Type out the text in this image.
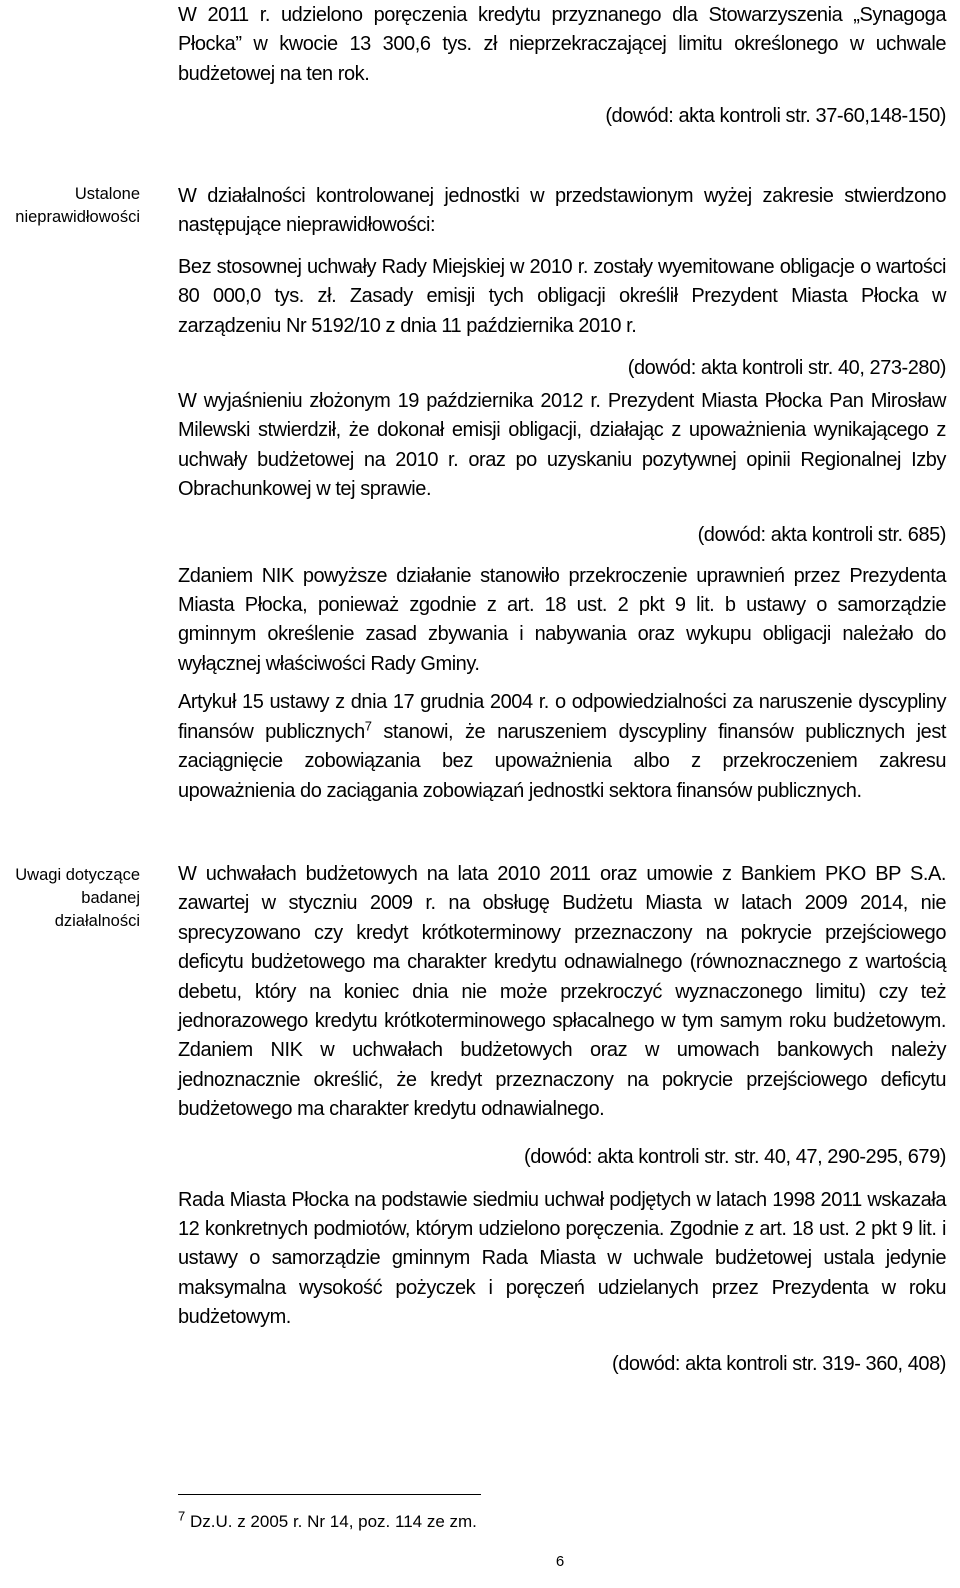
W 2011 r. udzielono poręczenia kredytu przyznanego dla Stowarzyszenia „Synagoga Płocka” w kwocie 13 300,6 tys. zł nieprzekraczającej limitu określonego w uchwale budżetowej na ten rok.

(dowód: akta kontroli str. 37-60,148-150)

Ustalone nieprawidłowości

W działalności kontrolowanej jednostki w przedstawionym wyżej zakresie stwierdzono następujące nieprawidłowości:

Bez stosownej uchwały Rady Miejskiej w 2010 r. zostały wyemitowane obligacje o wartości 80 000,0 tys. zł. Zasady emisji tych obligacji określił Prezydent Miasta Płocka w zarządzeniu Nr 5192/10 z dnia 11 października 2010 r.

(dowód: akta kontroli str. 40, 273-280)

W wyjaśnieniu złożonym 19 października 2012 r. Prezydent Miasta Płocka Pan Mirosław Milewski stwierdził, że dokonał emisji obligacji, działając z upoważnienia wynikającego z uchwały budżetowej na 2010 r. oraz po uzyskaniu pozytywnej opinii Regionalnej Izby Obrachunkowej w tej sprawie.

(dowód: akta kontroli str. 685)

Zdaniem NIK powyższe działanie stanowiło przekroczenie uprawnień przez Prezydenta Miasta Płocka, ponieważ zgodnie z art. 18 ust. 2 pkt 9 lit. b ustawy o samorządzie gminnym określenie zasad zbywania i nabywania oraz wykupu obligacji należało do wyłącznej właściwości Rady Gminy.

Artykuł 15 ustawy z dnia 17 grudnia 2004 r. o odpowiedzialności za naruszenie dyscypliny finansów publicznych$^7$ stanowi, że naruszeniem dyscypliny finansów publicznych jest zaciągnięcie zobowiązania bez upoważnienia albo z przekroczeniem zakresu upoważnienia do zaciągania zobowiązań jednostki sektora finansów publicznych.

Uwagi dotyczące badanej działalności

W uchwałach budżetowych na lata 2010 2011 oraz umowie z Bankiem PKO BP S.A. zawartej w styczniu 2009 r. na obsługę Budżetu Miasta w latach 2009 2014, nie sprecyzowano czy kredyt krótkoterminowy przeznaczony na pokrycie przejściowego deficytu budżetowego ma charakter kredytu odnawialnego (równoznacznego z wartością debetu, który na koniec dnia nie może przekroczyć wyznaczonego limitu) czy też jednorazowego kredytu krótkoterminowego spłacalnego w tym samym roku budżetowym. Zdaniem NIK w uchwałach budżetowych oraz w umowach bankowych należy jednoznacznie określić, że kredyt przeznaczony na pokrycie przejściowego deficytu budżetowego ma charakter kredytu odnawialnego.

(dowód: akta kontroli str. str. 40, 47, 290-295, 679)

Rada Miasta Płocka na podstawie siedmiu uchwał podjętych w latach 1998 2011 wskazała 12 konkretnych podmiotów, którym udzielono poręczenia. Zgodnie z art. 18 ust. 2 pkt 9 lit. i ustawy o samorządzie gminnym Rada Miasta w uchwale budżetowej ustala jedynie maksymalna wysokość pożyczek i poręczeń udzielanych przez Prezydenta w roku budżetowym.

(dowód: akta kontroli str. 319- 360, 408)

$^7$ Dz.U. z 2005 r. Nr 14, poz. 114 ze zm.
6
